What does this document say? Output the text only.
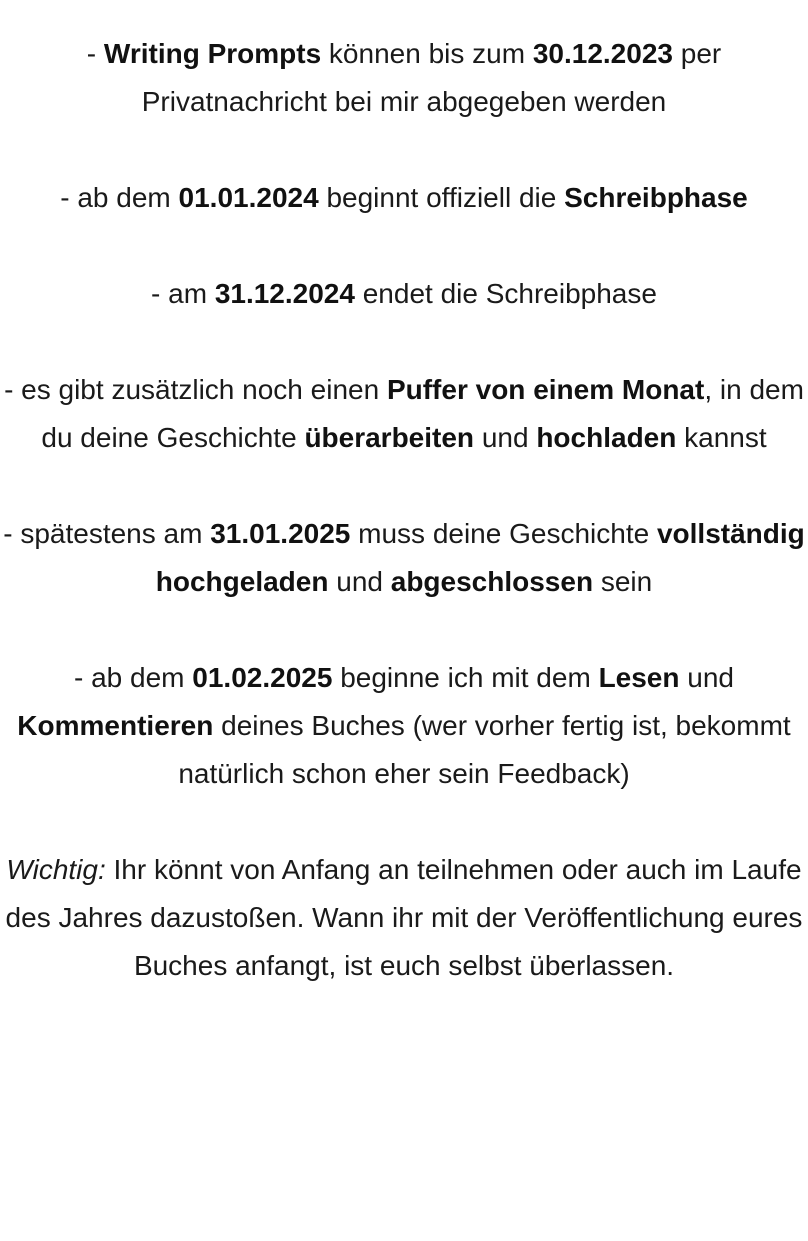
- Writing Prompts können bis zum 30.12.2023 per Privatnachricht bei mir abgegeben werden

- ab dem 01.01.2024 beginnt offiziell die Schreibphase

- am 31.12.2024 endet die Schreibphase

- es gibt zusätzlich noch einen Puffer von einem Monat, in dem du deine Geschichte überarbeiten und hochladen kannst

- spätestens am 31.01.2025 muss deine Geschichte vollständig hochgeladen und abgeschlossen sein

- ab dem 01.02.2025 beginne ich mit dem Lesen und Kommentieren deines Buches (wer vorher fertig ist, bekommt natürlich schon eher sein Feedback)

Wichtig: Ihr könnt von Anfang an teilnehmen oder auch im Laufe des Jahres dazustoßen. Wann ihr mit der Veröffentlichung eures Buches anfangt, ist euch selbst überlassen.
